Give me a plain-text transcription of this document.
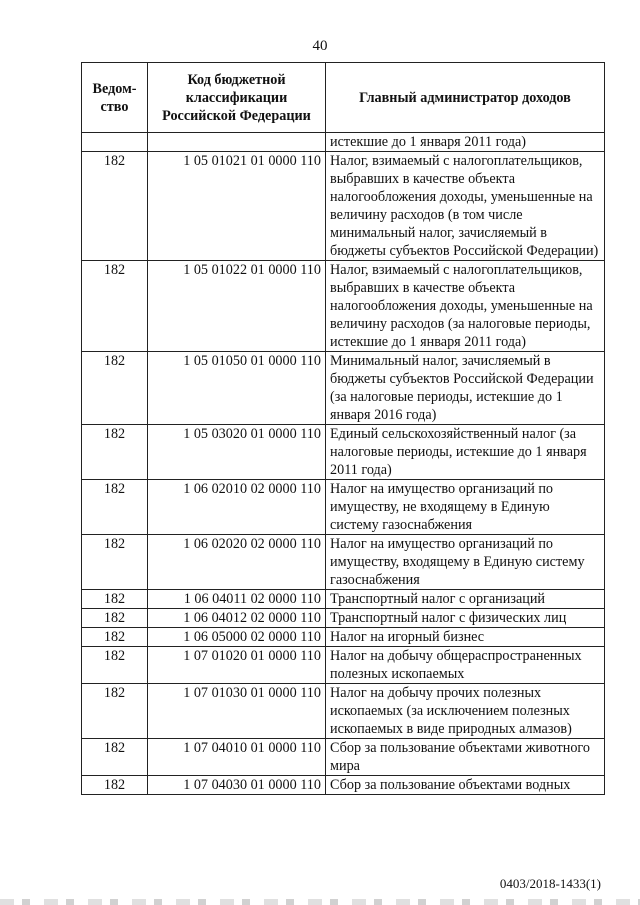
40
Ведом-ство	Код бюджетной классификации Российской Федерации	Главный администратор доходов
		истекшие до 1 января 2011 года)
182	1 05 01021 01 0000 110	Налог, взимаемый с налогоплательщиков, выбравших в качестве объекта налогообложения доходы, уменьшенные на величину расходов (в том числе минимальный налог, зачисляемый в бюджеты субъектов Российской Федерации)
182	1 05 01022 01 0000 110	Налог, взимаемый с налогоплательщиков, выбравших в качестве объекта налогообложения доходы, уменьшенные на величину расходов (за налоговые периоды, истекшие до 1 января 2011 года)
182	1 05 01050 01 0000 110	Минимальный налог, зачисляемый в бюджеты субъектов Российской Федерации (за налоговые периоды, истекшие до 1 января 2016 года)
182	1 05 03020 01 0000 110	Единый сельскохозяйственный налог (за налоговые периоды, истекшие до 1 января 2011 года)
182	1 06 02010 02 0000 110	Налог на имущество организаций по имуществу, не входящему в Единую систему газоснабжения
182	1 06 02020 02 0000 110	Налог на имущество организаций по имуществу, входящему в Единую систему газоснабжения
182	1 06 04011 02 0000 110	Транспортный налог с организаций
182	1 06 04012 02 0000 110	Транспортный налог с физических лиц
182	1 06 05000 02 0000 110	Налог на игорный бизнес
182	1 07 01020 01 0000 110	Налог на добычу общераспространенных полезных ископаемых
182	1 07 01030 01 0000 110	Налог на добычу прочих полезных ископаемых (за исключением полезных ископаемых в виде природных алмазов)
182	1 07 04010 01 0000 110	Сбор за пользование объектами животного мира
182	1 07 04030 01 0000 110	Сбор за пользование объектами водных
0403/2018-1433(1)
